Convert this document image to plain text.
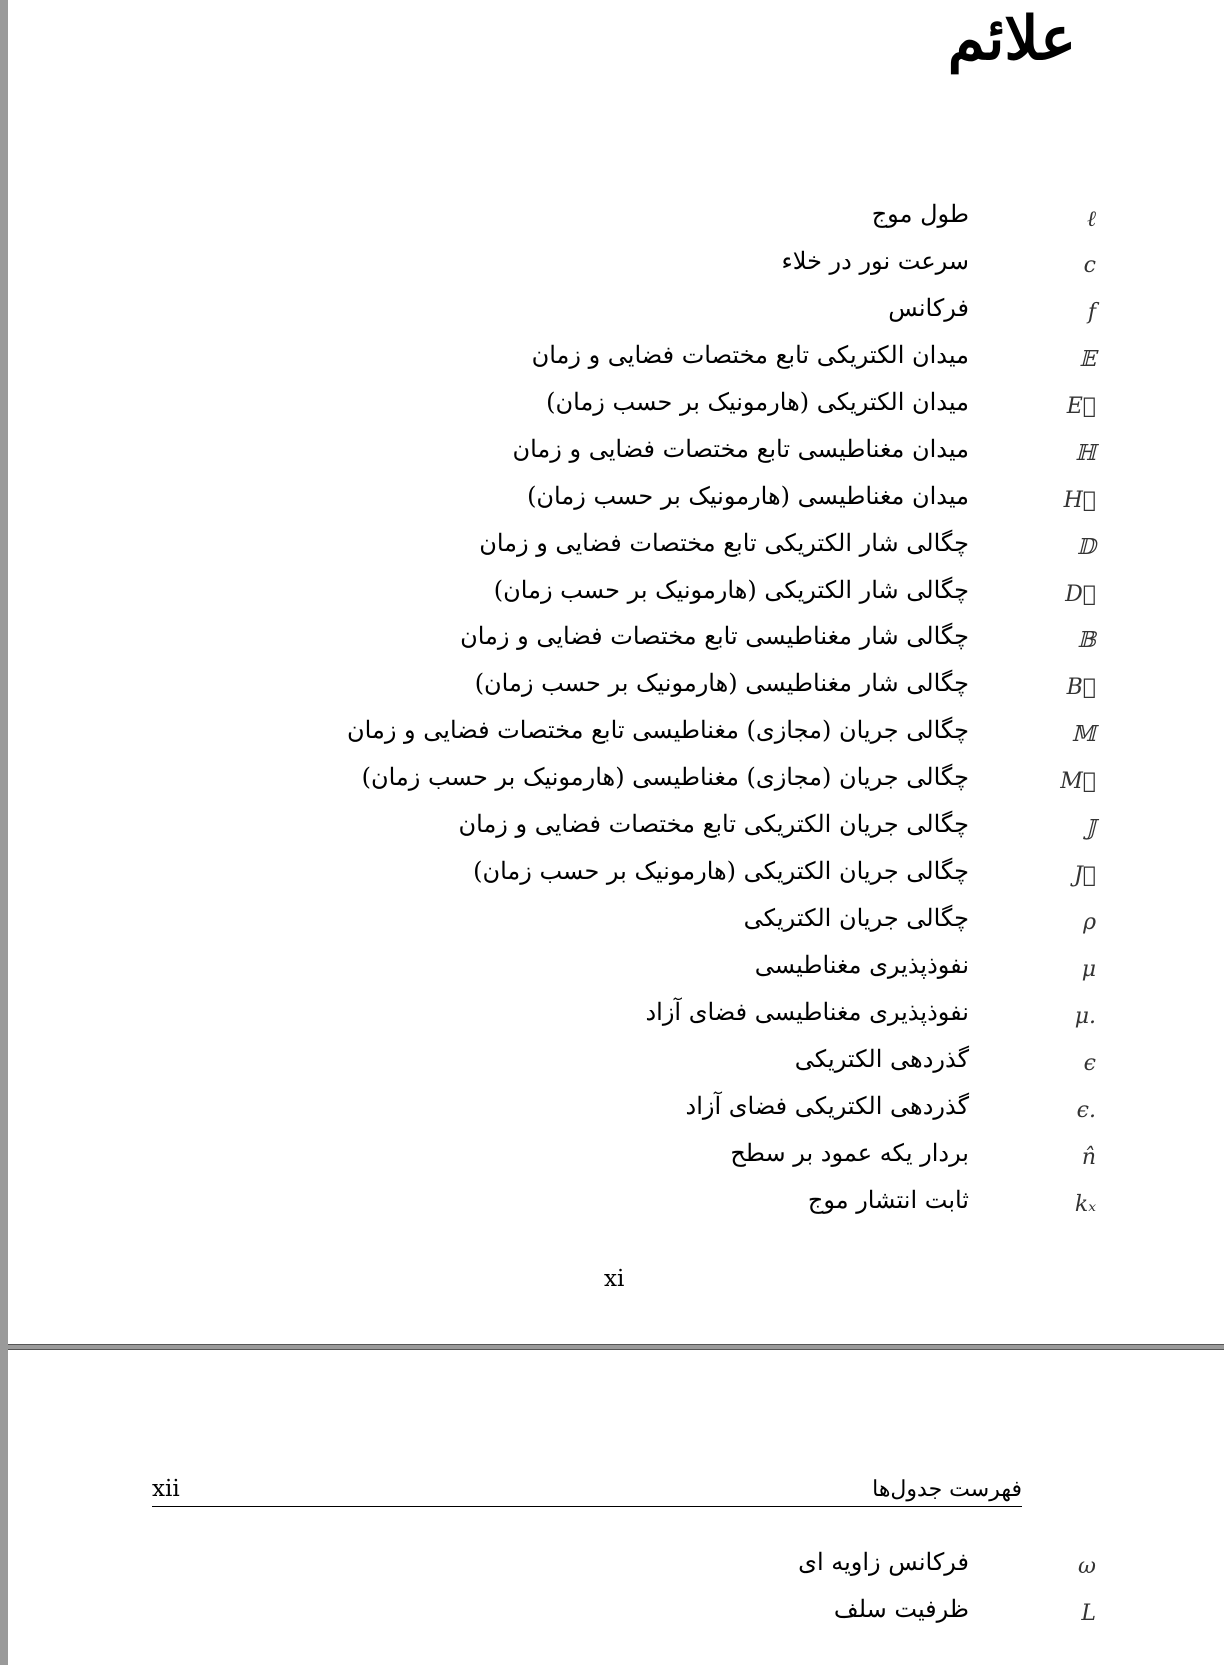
علائم
ℓ
طول موج
c
سرعت نور در خلاء
f
فرکانس
𝔼
میدان الکتریکی تابع مختصات فضایی و زمان
E⃗
میدان الکتریکی (هارمونیک بر حسب زمان)
ℍ
میدان مغناطیسی تابع مختصات فضایی و زمان
H⃗
میدان مغناطیسی (هارمونیک بر حسب زمان)
𝔻
چگالی شار الکتریکی تابع مختصات فضایی و زمان
D⃗
چگالی شار الکتریکی (هارمونیک بر حسب زمان)
𝔹
چگالی شار مغناطیسی تابع مختصات فضایی و زمان
B⃗
چگالی شار مغناطیسی (هارمونیک بر حسب زمان)
𝕄
چگالی جریان (مجازی) مغناطیسی تابع مختصات فضایی و زمان
M⃗
چگالی جریان (مجازی) مغناطیسی (هارمونیک بر حسب زمان)
𝕁
چگالی جریان الکتریکی تابع مختصات فضایی و زمان
J⃗
چگالی جریان الکتریکی (هارمونیک بر حسب زمان)
ρ
چگالی جریان الکتریکی
μ
نفوذپذیری مغناطیسی
μ.
نفوذپذیری مغناطیسی فضای آزاد
ϵ
گذردهی الکتریکی
ϵ.
گذردهی الکتریکی فضای آزاد
n̂
بردار یکه عمود بر سطح
kₓ
ثابت انتشار موج
xi
xii	فهرست جدول‌ها
ω
فرکانس زاویه ای
L
ظرفیت سلف
